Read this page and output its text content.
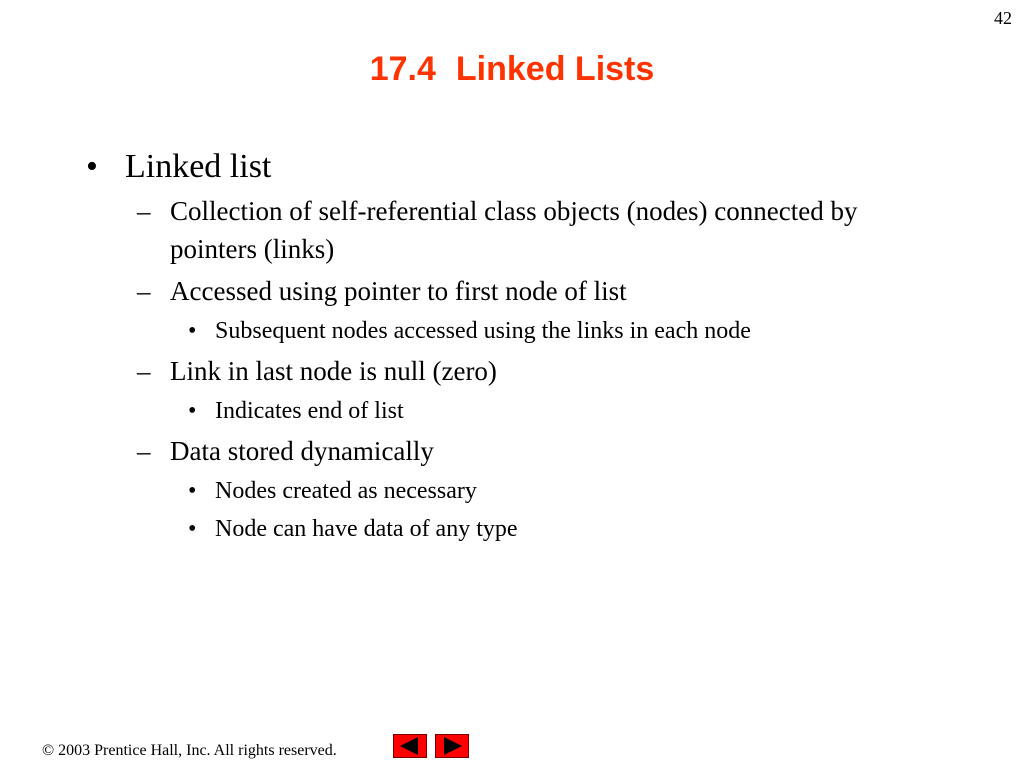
42
17.4 Linked Lists
• Linked list
– Collection of self-referential class objects (nodes) connected by pointers (links)
– Accessed using pointer to first node of list
• Subsequent nodes accessed using the links in each node
– Link in last node is null (zero)
• Indicates end of list
– Data stored dynamically
• Nodes created as necessary
• Node can have data of any type
© 2003 Prentice Hall, Inc. All rights reserved.
